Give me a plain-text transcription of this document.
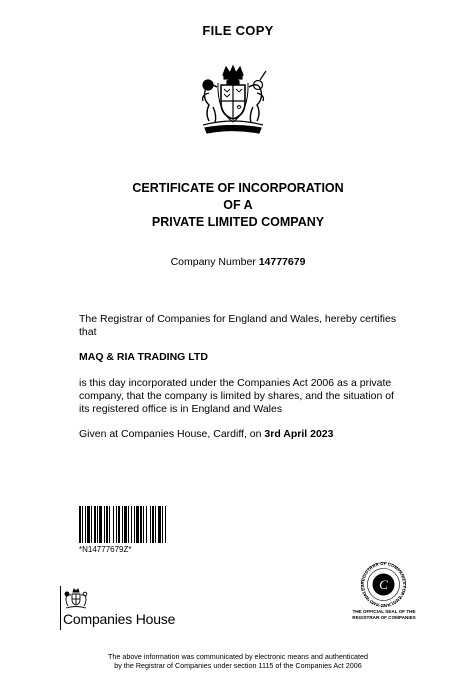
FILE COPY
CERTIFICATE OF INCORPORATION
OF A
PRIVATE LIMITED COMPANY
Company Number 14777679
The Registrar of Companies for England and Wales, hereby certifies that
MAQ & RIA TRADING LTD
is this day incorporated under the Companies Act 2006 as a private company, that the company is limited by shares, and the situation of its registered office is in England and Wales
Given at Companies House, Cardiff, on 3rd April 2023
*N14777679Z*
Companies House
REGISTRAR OF COMPANIES FOR ENGLAND AND WALES	C
THE OFFICIAL SEAL OF THE
REGISTRAR OF COMPANIES
The above information was communicated by electronic means and authenticated
by the Registrar of Companies under section 1115 of the Companies Act 2006
